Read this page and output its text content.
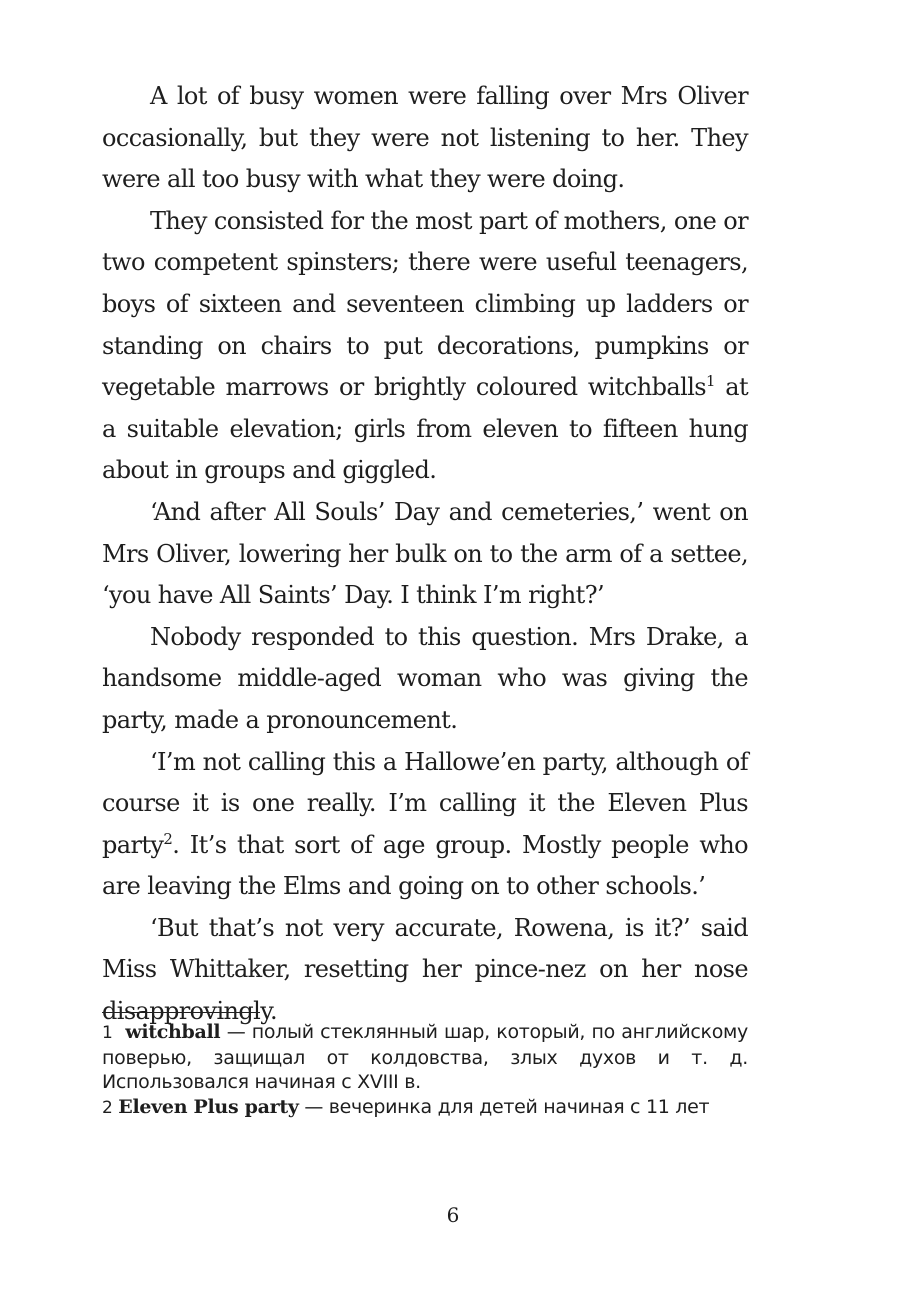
A lot of busy women were falling over Mrs Oliver occasionally, but they were not listening to her. They were all too busy with what they were doing.

They consisted for the most part of mothers, one or two competent spinsters; there were useful teenagers, boys of sixteen and seventeen climbing up ladders or standing on chairs to put decorations, pumpkins or vegetable marrows or brightly coloured witchballs$^1$ at a suitable elevation; girls from eleven to fifteen hung about in groups and giggled.

‘And after All Souls’ Day and cemeteries,’ went on Mrs Oliver, lowering her bulk on to the arm of a settee, ‘you have All Saints’ Day. I think I’m right?’

Nobody responded to this question. Mrs Drake, a handsome middle-aged woman who was giving the party, made a pronouncement.

‘I’m not calling this a Hallowe’en party, although of course it is one really. I’m calling it the Eleven Plus party$^2$. It’s that sort of age group. Mostly people who are leaving the Elms and going on to other schools.’

‘But that’s not very accurate, Rowena, is it?’ said Miss Whittaker, resetting her pince-nez on her nose disapprovingly.

1 witchball — полый стеклянный шар, который, по английскому поверью, защищал от колдовства, злых духов и т. д. Использовался начиная с XVIII в.

2 Eleven Plus party — вечеринка для детей начиная с 11 лет

6
